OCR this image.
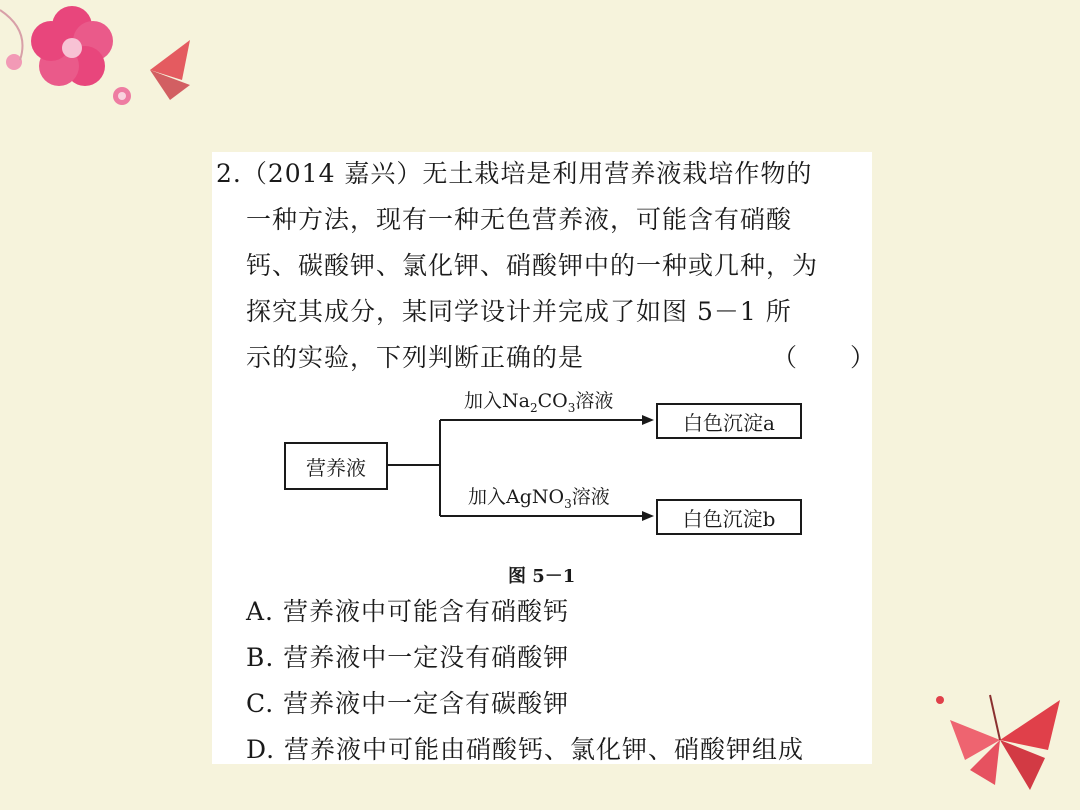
2.（2014 嘉兴）无土栽培是利用营养液栽培作物的
一种方法，现有一种无色营养液，可能含有硝酸
钙、碳酸钾、氯化钾、硝酸钾中的一种或几种，为
探究其成分，某同学设计并完成了如图 5－1 所
示的实验，下列判断正确的是	（　　）
营养液
加入$Na_2CO_3$溶液
加入AgNO$_3$溶液
白色沉淀a
白色沉淀b
图 5－1
A. 营养液中可能含有硝酸钙
B. 营养液中一定没有硝酸钾
C. 营养液中一定含有碳酸钾
D. 营养液中可能由硝酸钙、氯化钾、硝酸钾组成
